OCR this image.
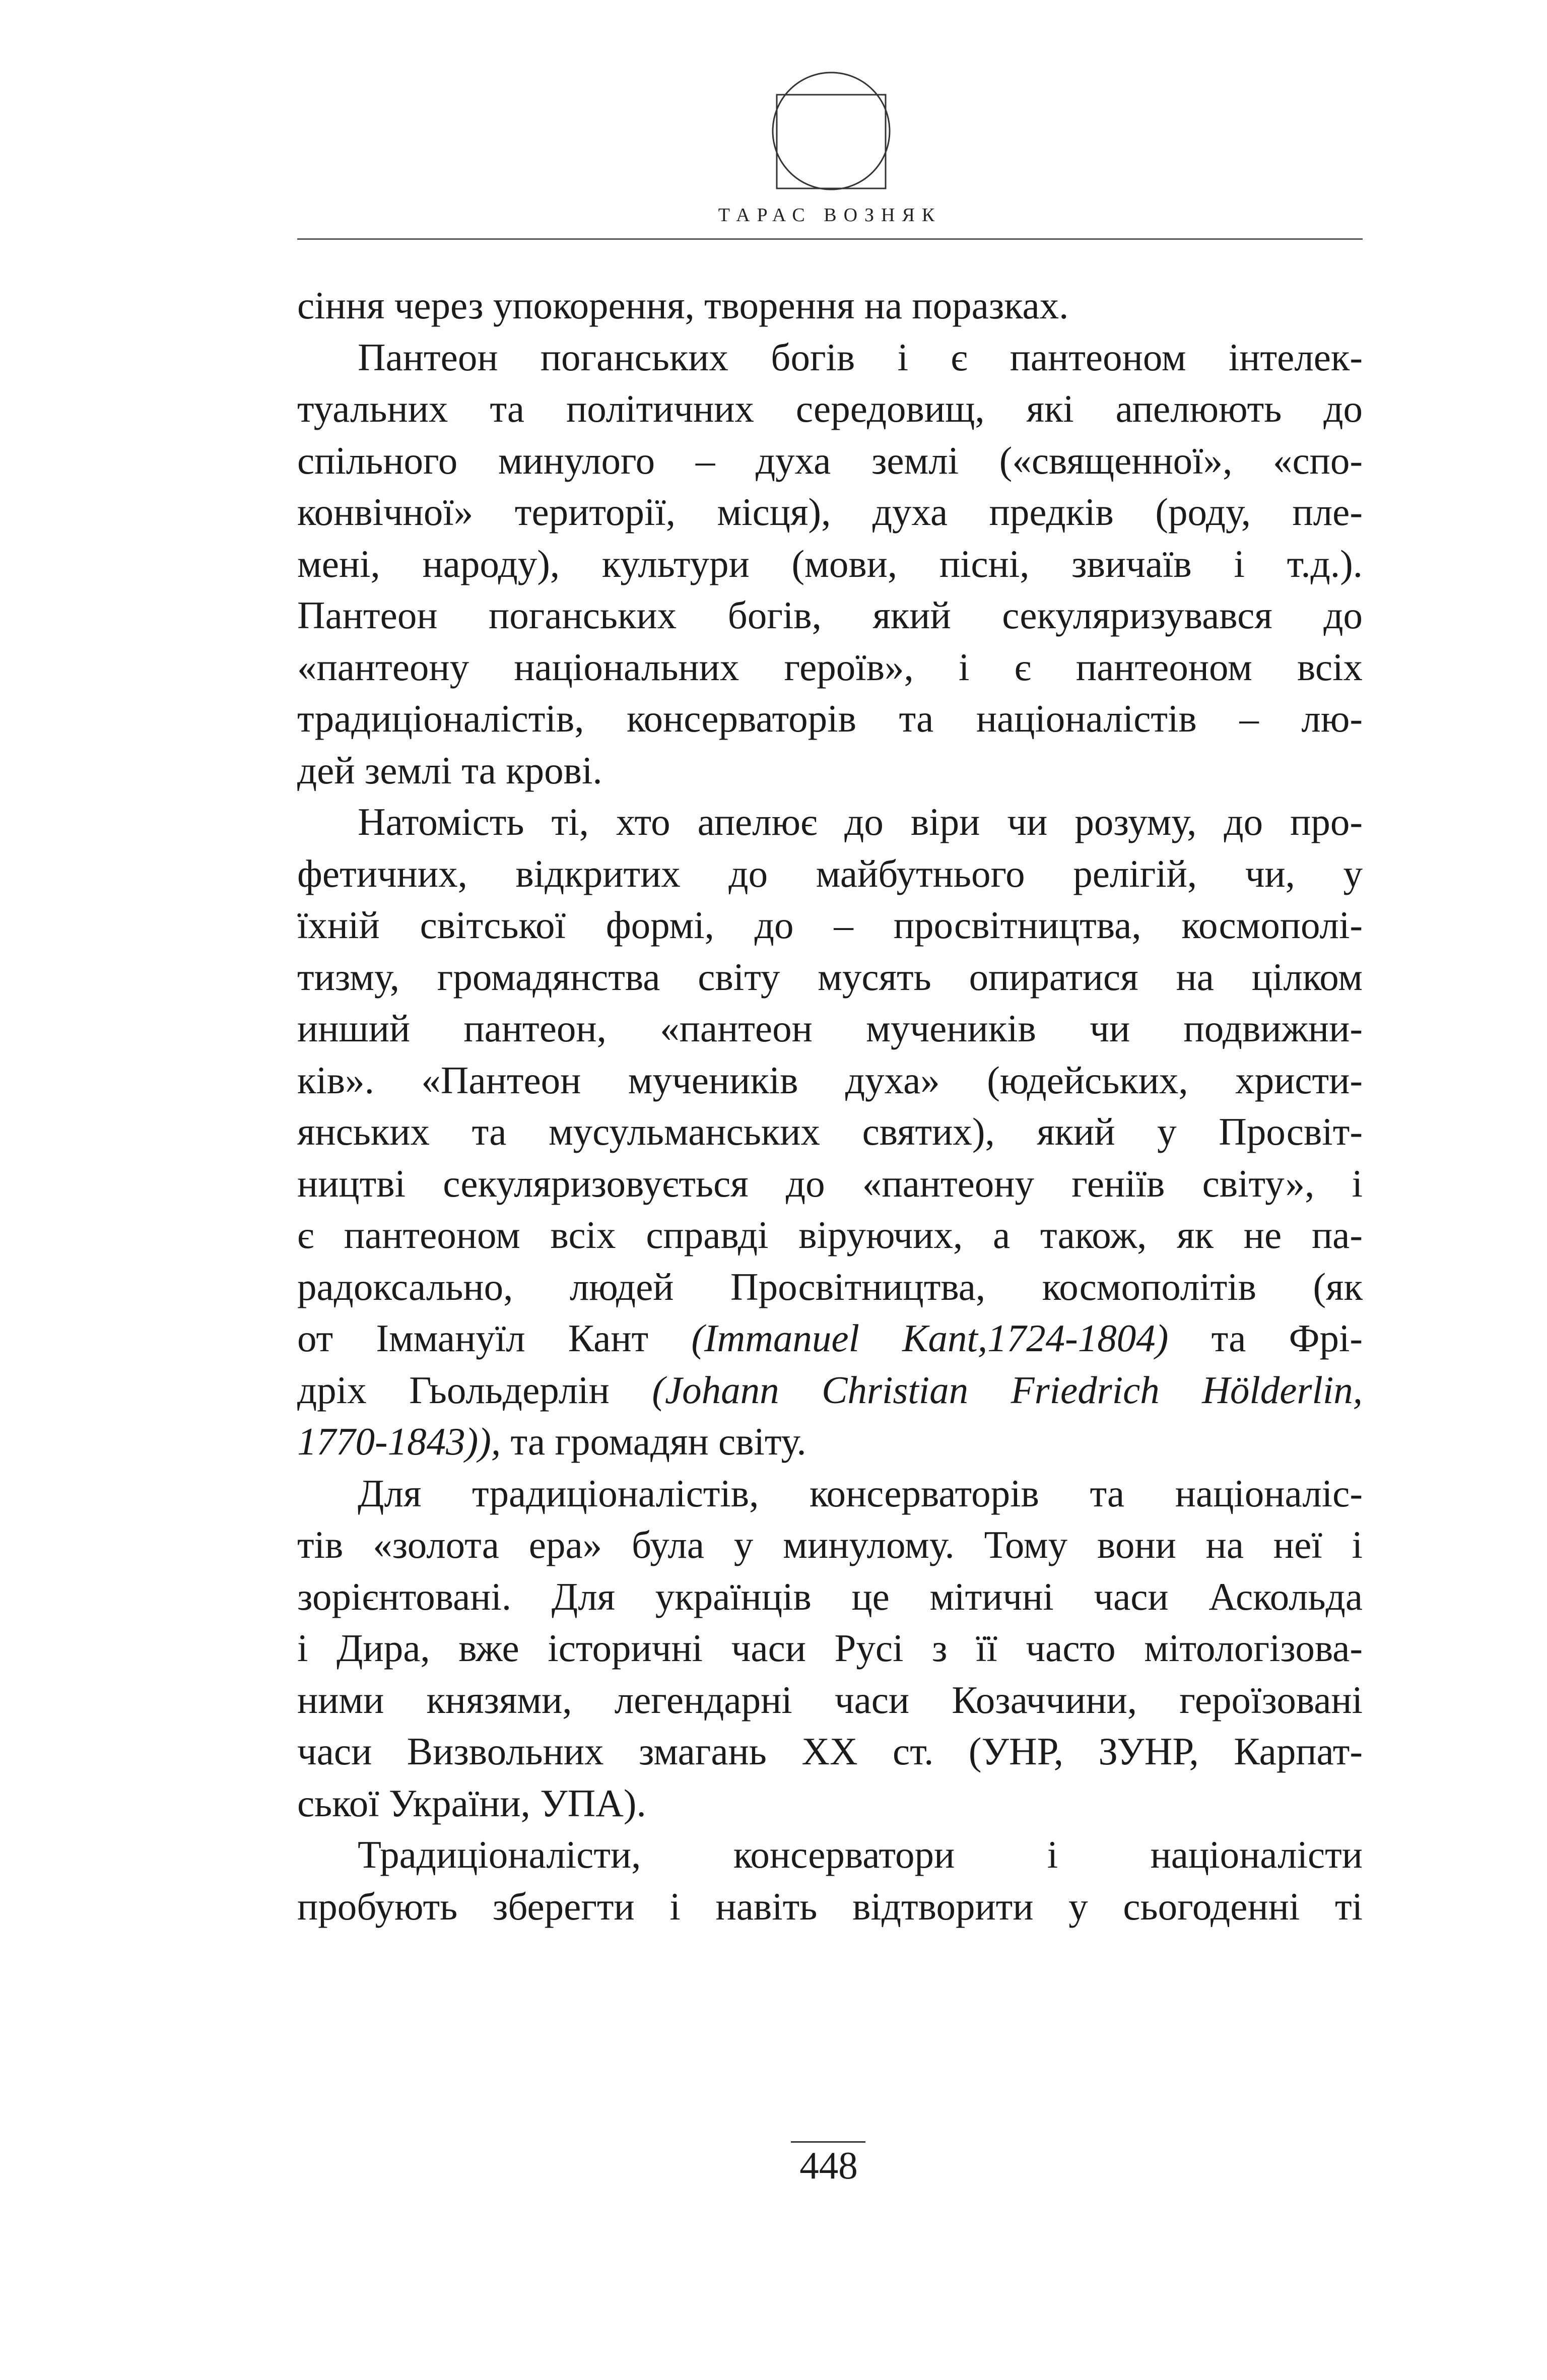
ТАРАС ВОЗНЯК
сіння через упокорення, творення на поразках.
Пантеон поганських богів і є пантеоном інтелек-
туальних та політичних середовищ, які апелюють до
спільного минулого – духа землі («священної», «спо-
конвічної» території, місця), духа предків (роду, пле-
мені, народу), культури (мови, пісні, звичаїв і т.д.).
Пантеон поганських богів, який секуляризувався до
«пантеону національних героїв», і є пантеоном всіх
традиціоналістів, консерваторів та націоналістів – лю-
дей землі та крові.
Натомість ті, хто апелює до віри чи розуму, до про-
фетичних, відкритих до майбутнього релігій, чи, у
їхній світської формі, до – просвітництва, космополі-
тизму, громадянства світу мусять опиратися на цілком
инший пантеон, «пантеон мучеників чи подвижни-
ків». «Пантеон мучеників духа» (юдейських, христи-
янських та мусульманських святих), який у Просвіт-
ництві секуляризовується до «пантеону геніїв світу», і
є пантеоном всіх справді віруючих, а також, як не па-
радоксально, людей Просвітництва, космополітів (як
от Іммануїл Кант (Immanuel Kant,1724-1804) та Фрі-
дріх Гьольдерлін (Johann Christian Friedrich Hölderlin,
1770-1843)), та громадян світу.
Для традиціоналістів, консерваторів та націоналіс-
тів «золота ера» була у минулому. Тому вони на неї і
зорієнтовані. Для українців це мітичні часи Аскольда
і Дира, вже історичні часи Русі з її часто мітологізова-
ними князями, легендарні часи Козаччини, героїзовані
часи Визвольних змагань ХХ ст. (УНР, ЗУНР, Карпат-
ської України, УПА).
Традиціоналісти, консерватори і націоналісти
пробують зберегти і навіть відтворити у сьогоденні ті
448
